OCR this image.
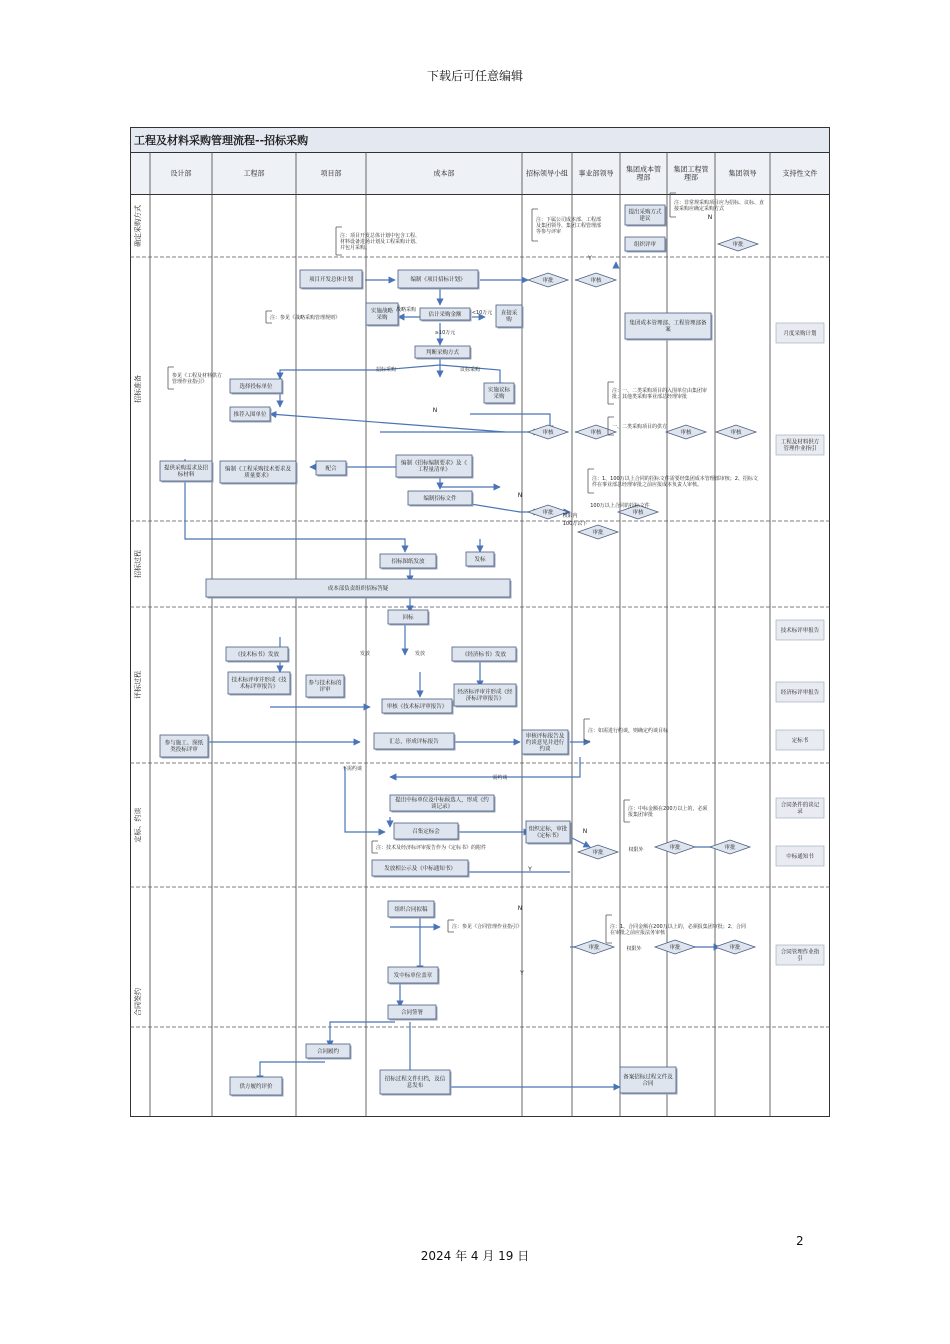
下载后可任意编辑
工程及材料采购管理流程--招标采购
设计部	工程部	项目部	成本部	招标领导小组 事业部领导
集团成本管理部
集团工程管理部
集团领导	支持性文件
确定采购方式
招标准备
招标过程
评标过程
定标、约谈
合同签约
项目开发总体计划	编制《项目招标计划》
实施战略采购
估计采购金额	直接采购
判断采购方式
实施议标采购
选择投标单位
推荐入围单位
提供采购需求及招标材料
编制《工程采购技术要求及质量要求》
配合
编制《招标编制要求》及《工程量清单》
编制招标文件
招标图纸发放	发标
成本部负责组织招标答疑
回标
《技术标书》发放	《经济标书》发放
技术标评审并形成《技术标评审报告》
参与技术标的评审	经济标评审并形成《经济标评审报告》
审核《技术标评审报告》
参与施工、图纸类投标评审
汇总，形成评标报告
审核评标报告及约谈意见并进行约谈
提出中标单位及中标候选人，形成《约谈记录》
召集定标会	组织定标，审批《定标书》
发放相公示及《中标通知书》
组织合同拟稿
发中标单位盖章
合同签署
合同履约
供方履约评价
招标过程文件归档，及信息发布
备案招标过程文件及合同
集团成本管理部、工程管理部备案
提出采购方式建议
组织评审
审批	审核
审核	审核	审核	审核
审批	审核
审批
审批
审批	审批
审批	审批	审批
审批
注：项目开发总体计划中包含工程、材料设备进场计划及工程采购计划、并包月采购。
注：下属公司成本部、工程部及集团领导、集团工程管理部等参与评审
注：非常规采购项目应为招标、议标、直接采购应确定采购方式
注：参见《战略采购管理规则》
参见《工程及材料供方管理作业指引》
注：一、二类采购项目的入围单位由集团审批；其他类采购事业部总经理审批
一、二类采购项目的供方
注：1、100万以上合同的招标文件需要经集团成本管理部审核；2、招标文件在事业部总经理审批之前应报成本负责人审核。
注：如需进行约谈，则确定约谈目标
注：中标金额在200万以上的，必须报集团审批
注：技术及经济标评审报告作为《定标书》的附件
注：参见《合同管理作业指引》	注：1、合同金额在200万以上的，必须报集团审批；2、合同在审批之前应报法务审核
月度采购计划
工程及材料供方管理作业指引
技术标评审报告
经济标评审报告
定标书
合同条件的谈记录
中标通知书
合同管理作业指引
<10万元
≥10万元
战略采购
招标采购	议标采购
100万以上合同的招标文件
100万以下
发放	发放
不需约谈
需约谈
权限外
权限外
权限内
N
N
N
N
N
Y
Y
Y
2
2024 年 4 月 19 日
